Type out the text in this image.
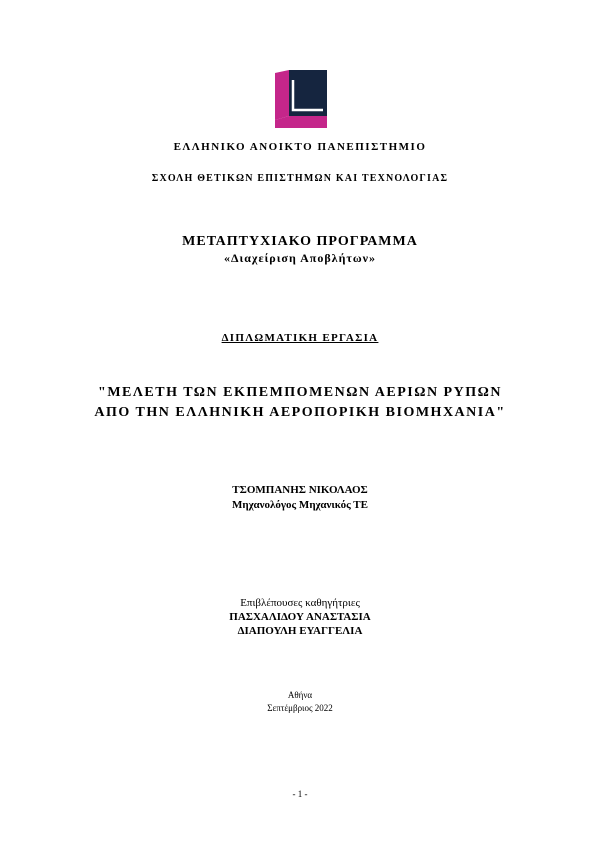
ΕΛΛΗΝΙΚΟ ΑΝΟΙΚΤΟ ΠΑΝΕΠΙΣΤΗΜΙΟ
ΣΧΟΛΗ ΘΕΤΙΚΩΝ ΕΠΙΣΤΗΜΩΝ ΚΑΙ ΤΕΧΝΟΛΟΓΙΑΣ
ΜΕΤΑΠΤΥΧΙΑΚΟ ΠΡΟΓΡΑΜΜΑ
«Διαχείριση Αποβλήτων»
ΔΙΠΛΩΜΑΤΙΚΗ ΕΡΓΑΣΙΑ
"ΜΕΛΕΤΗ ΤΩΝ ΕΚΠΕΜΠΟΜΕΝΩΝ ΑΕΡΙΩΝ ΡΥΠΩΝ
ΑΠΟ ΤΗΝ ΕΛΛΗΝΙΚΗ ΑΕΡΟΠΟΡΙΚΗ ΒΙΟΜΗΧΑΝΙΑ"
ΤΣΟΜΠΑΝΗΣ ΝΙΚΟΛΑΟΣ
Μηχανολόγος Μηχανικός ΤΕ
Επιβλέπουσες καθηγήτριες
ΠΑΣΧΑΛΙΔΟΥ ΑΝΑΣΤΑΣΙΑ
ΔΙΑΠΟΥΛΗ ΕΥΑΓΓΕΛΙΑ
Αθήνα
Σεπτέμβριος 2022
- 1 -
